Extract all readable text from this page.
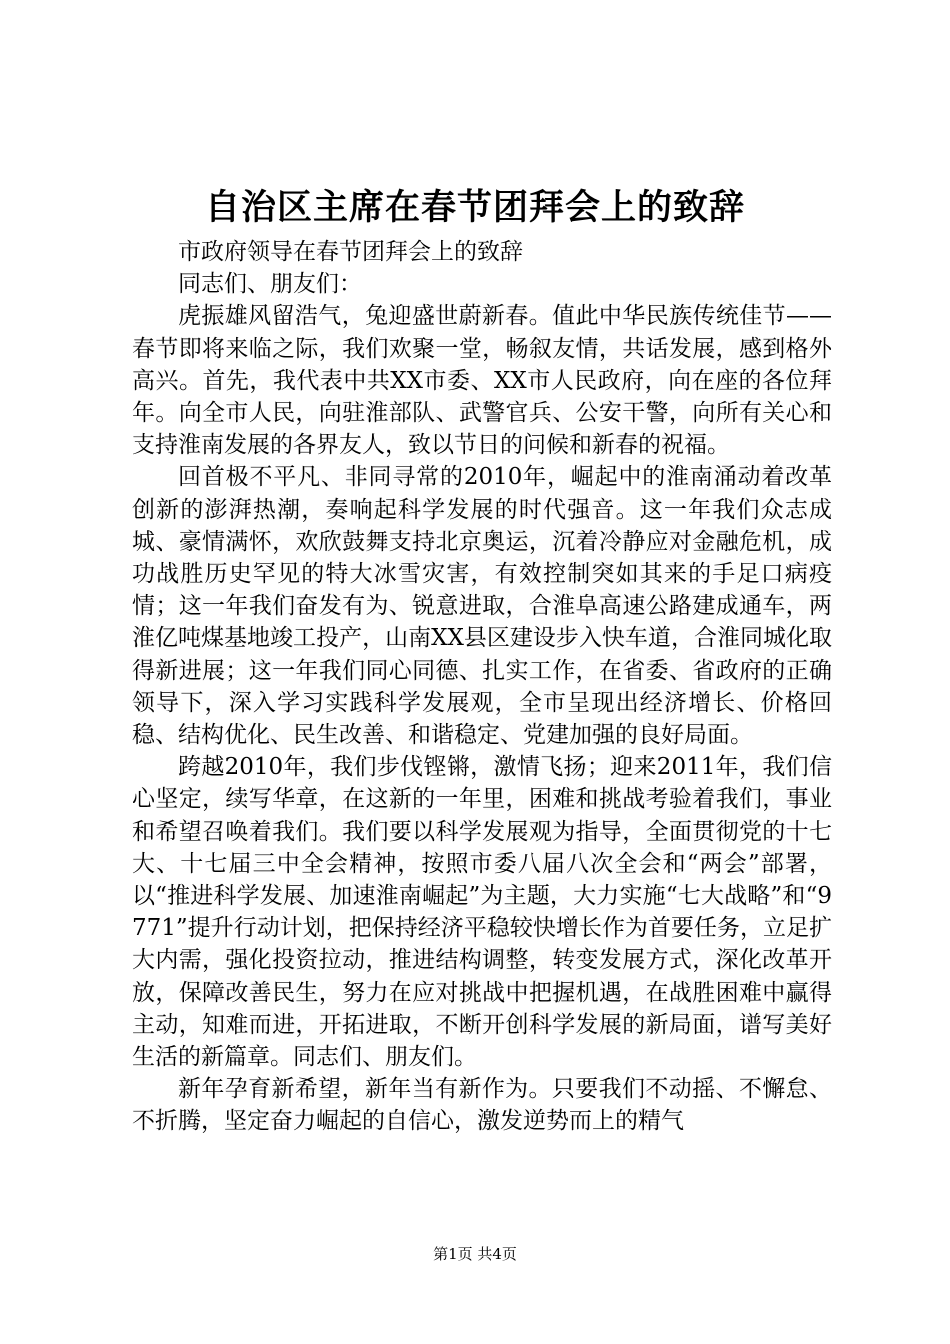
自治区主席在春节团拜会上的致辞

市政府领导在春节团拜会上的致辞

同志们、朋友们：

虎振雄风留浩气，兔迎盛世蔚新春。值此中华民族传统佳节——春节即将来临之际，我们欢聚一堂，畅叙友情，共话发展，感到格外高兴。首先，我代表中共XX市委、XX市人民政府，向在座的各位拜年。向全市人民，向驻淮部队、武警官兵、公安干警，向所有关心和支持淮南发展的各界友人，致以节日的问候和新春的祝福。

回首极不平凡、非同寻常的2010年，崛起中的淮南涌动着改革创新的澎湃热潮，奏响起科学发展的时代强音。这一年我们众志成城、豪情满怀，欢欣鼓舞支持北京奥运，沉着冷静应对金融危机，成功战胜历史罕见的特大冰雪灾害，有效控制突如其来的手足口病疫情；这一年我们奋发有为、锐意进取，合淮阜高速公路建成通车，两淮亿吨煤基地竣工投产，山南XX县区建设步入快车道，合淮同城化取得新进展；这一年我们同心同德、扎实工作，在省委、省政府的正确领导下，深入学习实践科学发展观，全市呈现出经济增长、价格回稳、结构优化、民生改善、和谐稳定、党建加强的良好局面。

跨越2010年，我们步伐铿锵，激情飞扬；迎来2011年，我们信心坚定，续写华章，在这新的一年里，困难和挑战考验着我们，事业和希望召唤着我们。我们要以科学发展观为指导，全面贯彻党的十七大、十七届三中全会精神，按照市委八届八次全会和“两会”部署，以“推进科学发展、加速淮南崛起”为主题，大力实施“七大战略”和“9771”提升行动计划，把保持经济平稳较快增长作为首要任务，立足扩大内需，强化投资拉动，推进结构调整，转变发展方式，深化改革开放，保障改善民生，努力在应对挑战中把握机遇，在战胜困难中赢得主动，知难而进，开拓进取，不断开创科学发展的新局面，谱写美好生活的新篇章。同志们、朋友们。

新年孕育新希望，新年当有新作为。只要我们不动摇、不懈怠、不折腾，坚定奋力崛起的自信心，激发逆势而上的精气

第1页 共4页
